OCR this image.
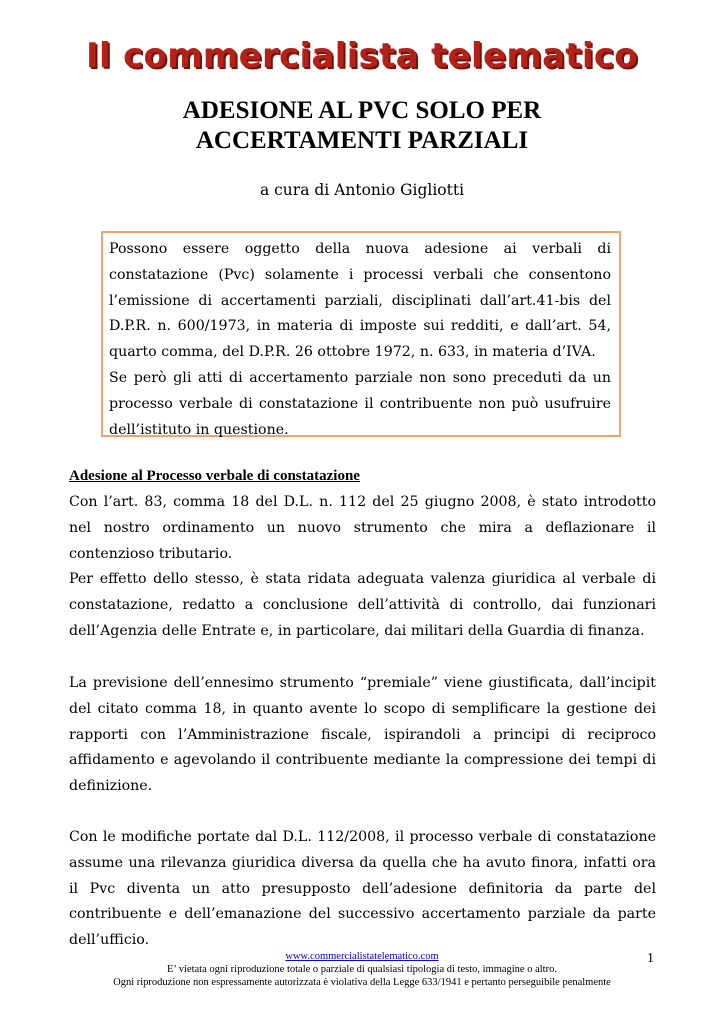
Il commercialista telematico
ADESIONE AL PVC SOLO PER
ACCERTAMENTI PARZIALI
a cura di Antonio Gigliotti

Possono essere oggetto della nuova adesione ai verbali di constatazione (Pvc) solamente i processi verbali che consentono l’emissione di accertamenti parziali, disciplinati dall’art.41-bis del D.P.R. n. 600/1973, in materia di imposte sui redditi, e dall’art. 54, quarto comma, del D.P.R. 26 ottobre 1972, n. 633, in materia d’IVA.

Se però gli atti di accertamento parziale non sono preceduti da un processo verbale di constatazione il contribuente non può usufruire dell’istituto in questione.

Adesione al Processo verbale di constatazione

Con l’art. 83, comma 18 del D.L. n. 112 del 25 giugno 2008, è stato introdotto nel nostro ordinamento un nuovo strumento che mira a deflazionare il contenzioso tributario.

Per effetto dello stesso, è stata ridata adeguata valenza giuridica al verbale di constatazione, redatto a conclusione dell’attività di controllo, dai funzionari dell’Agenzia delle Entrate e, in particolare, dai militari della Guardia di finanza.

La previsione dell’ennesimo strumento “premiale” viene giustificata, dall’incipit del citato comma 18, in quanto avente lo scopo di semplificare la gestione dei rapporti con l’Amministrazione fiscale, ispirandoli a principi di reciproco affidamento e agevolando il contribuente mediante la compressione dei tempi di definizione.

Con le modifiche portate dal D.L. 112/2008, il processo verbale di constatazione assume una rilevanza giuridica diversa da quella che ha avuto finora, infatti ora il Pvc diventa un atto presupposto dell’adesione definitoria da parte del contribuente e dell’emanazione del successivo accertamento parziale da parte dell’ufficio.

www.commercialistatelematico.com	1
E’ vietata ogni riproduzione totale o parziale di qualsiasi tipologia di testo, immagine o altro.
Ogni riproduzione non espressamente autorizzata è violativa della Legge 633/1941 e pertanto perseguibile penalmente
